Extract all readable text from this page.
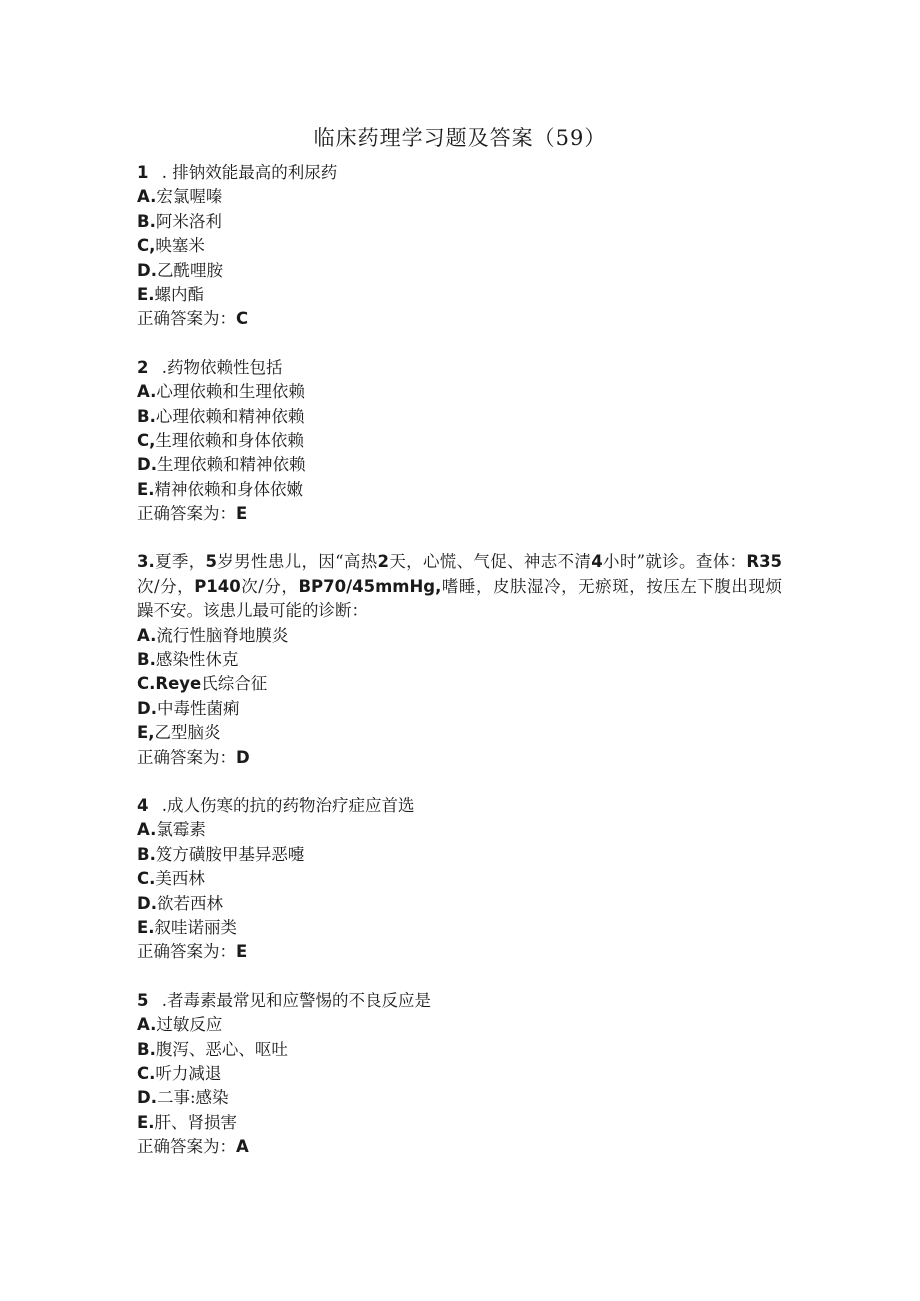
临床药理学习题及答案（59）
1 . 排钠效能最高的利尿药
A.宏氯喔嗪
B.阿米洛利
C,映塞米
D.乙酰哩胺
E.螺内酯
正确答案为：C
2 .药物依赖性包括
A.心理依赖和生理依赖
B.心理依赖和精神依赖
C,生理依赖和身体依赖
D.生理依赖和精神依赖
E.精神依赖和身体依嫩
正确答案为：E
3.夏季，5岁男性患儿，因“高热2天，心慌、气促、神志不清4小时”就诊。查体：R35次/分，P140次/分，BP70/45mmHg,嗜睡，皮肤湿冷，无瘀斑，按压左下腹出现烦躁不安。该患儿最可能的诊断：
A.流行性脑脊地膜炎
B.感染性休克
C.Reye氏综合征
D.中毒性菌痢
E,乙型脑炎
正确答案为：D
4 .成人伤寒的抗的药物治疗症应首选
A.氯霉素
B.笈方磺胺甲基异恶嚏
C.美西林
D.欲若西林
E.叙哇诺丽类
正确答案为：E
5 .者毒素最常见和应警惕的不良反应是
A.过敏反应
B.腹泻、恶心、呕吐
C.听力减退
D.二事:感染
E.肝、肾损害
正确答案为：A
